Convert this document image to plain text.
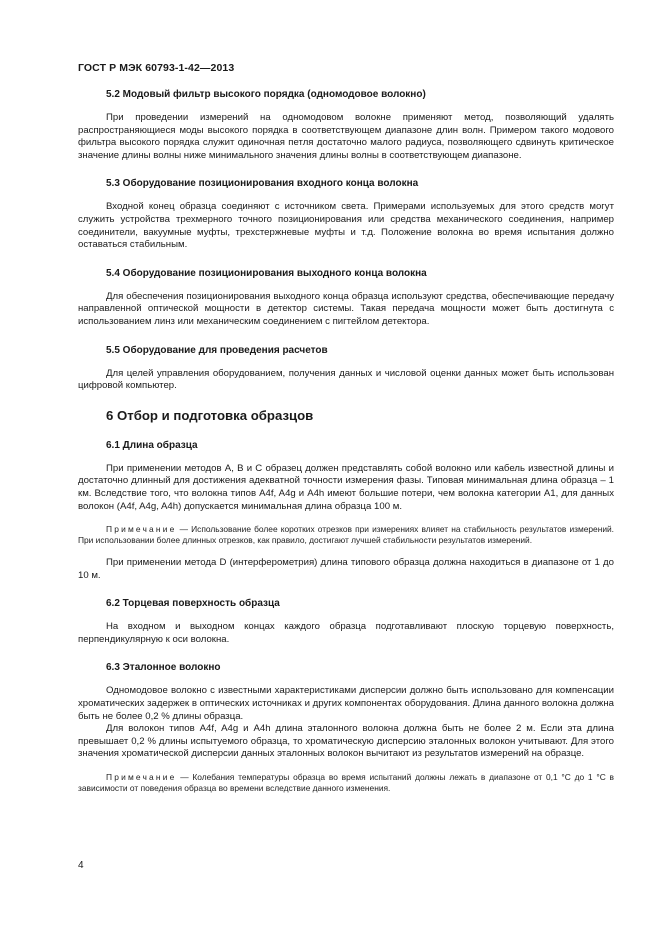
ГОСТ Р МЭК 60793-1-42—2013

5.2 Модовый фильтр высокого порядка (одномодовое волокно)

При проведении измерений на одномодовом волокне применяют метод, позволяющий удалять распространяющиеся моды высокого порядка в соответствующем диапазоне длин волн. Примером такого модового фильтра высокого порядка служит одиночная петля достаточно малого радиуса, позволяющего сдвинуть критическое значение длины волны ниже минимального значения длины волны в соответствующем диапазоне.

5.3 Оборудование позиционирования входного конца волокна

Входной конец образца соединяют с источником света. Примерами используемых для этого средств могут служить устройства трехмерного точного позиционирования или средства механического соединения, например соединители, вакуумные муфты, трехстержневые муфты и т.д. Положение волокна во время испытания должно оставаться стабильным.

5.4 Оборудование позиционирования выходного конца волокна

Для обеспечения позиционирования выходного конца образца используют средства, обеспечивающие передачу направленной оптической мощности в детектор системы. Такая передача мощности может быть достигнута с использованием линз или механическим соединением с пигтейлом детектора.

5.5 Оборудование для проведения расчетов

Для целей управления оборудованием, получения данных и числовой оценки данных может быть использован цифровой компьютер.

6 Отбор и подготовка образцов

6.1 Длина образца

При применении методов А, В и С образец должен представлять собой волокно или кабель известной длины и достаточно длинный для достижения адекватной точности измерения фазы. Типовая минимальная длина образца – 1 км. Вследствие того, что волокна типов A4f, A4g и A4h имеют большие потери, чем волокна категории А1, для данных волокон (A4f, A4g, A4h) допускается минимальная длина образца 100 м.

Примечание — Использование более коротких отрезков при измерениях влияет на стабильность результатов измерений. При использовании более длинных отрезков, как правило, достигают лучшей стабильности результатов измерений.

При применении метода D (интерферометрия) длина типового образца должна находиться в диапазоне от 1 до 10 м.

6.2 Торцевая поверхность образца

На входном и выходном концах каждого образца подготавливают плоскую торцевую поверхность, перпендикулярную к оси волокна.

6.3 Эталонное волокно

Одномодовое волокно с известными характеристиками дисперсии должно быть использовано для компенсации хроматических задержек в оптических источниках и других компонентах оборудования. Длина данного волокна должна быть не более 0,2 % длины образца.

Для волокон типов A4f, A4g и A4h длина эталонного волокна должна быть не более 2 м. Если эта длина превышает 0,2 % длины испытуемого образца, то хроматическую дисперсию эталонных волокон учитывают. Для этого значения хроматической дисперсии данных эталонных волокон вычитают из результатов измерений на образце.

Примечание — Колебания температуры образца во время испытаний должны лежать в диапазоне от 0,1 °С до 1 °С в зависимости от поведения образца во времени вследствие данного изменения.

4
